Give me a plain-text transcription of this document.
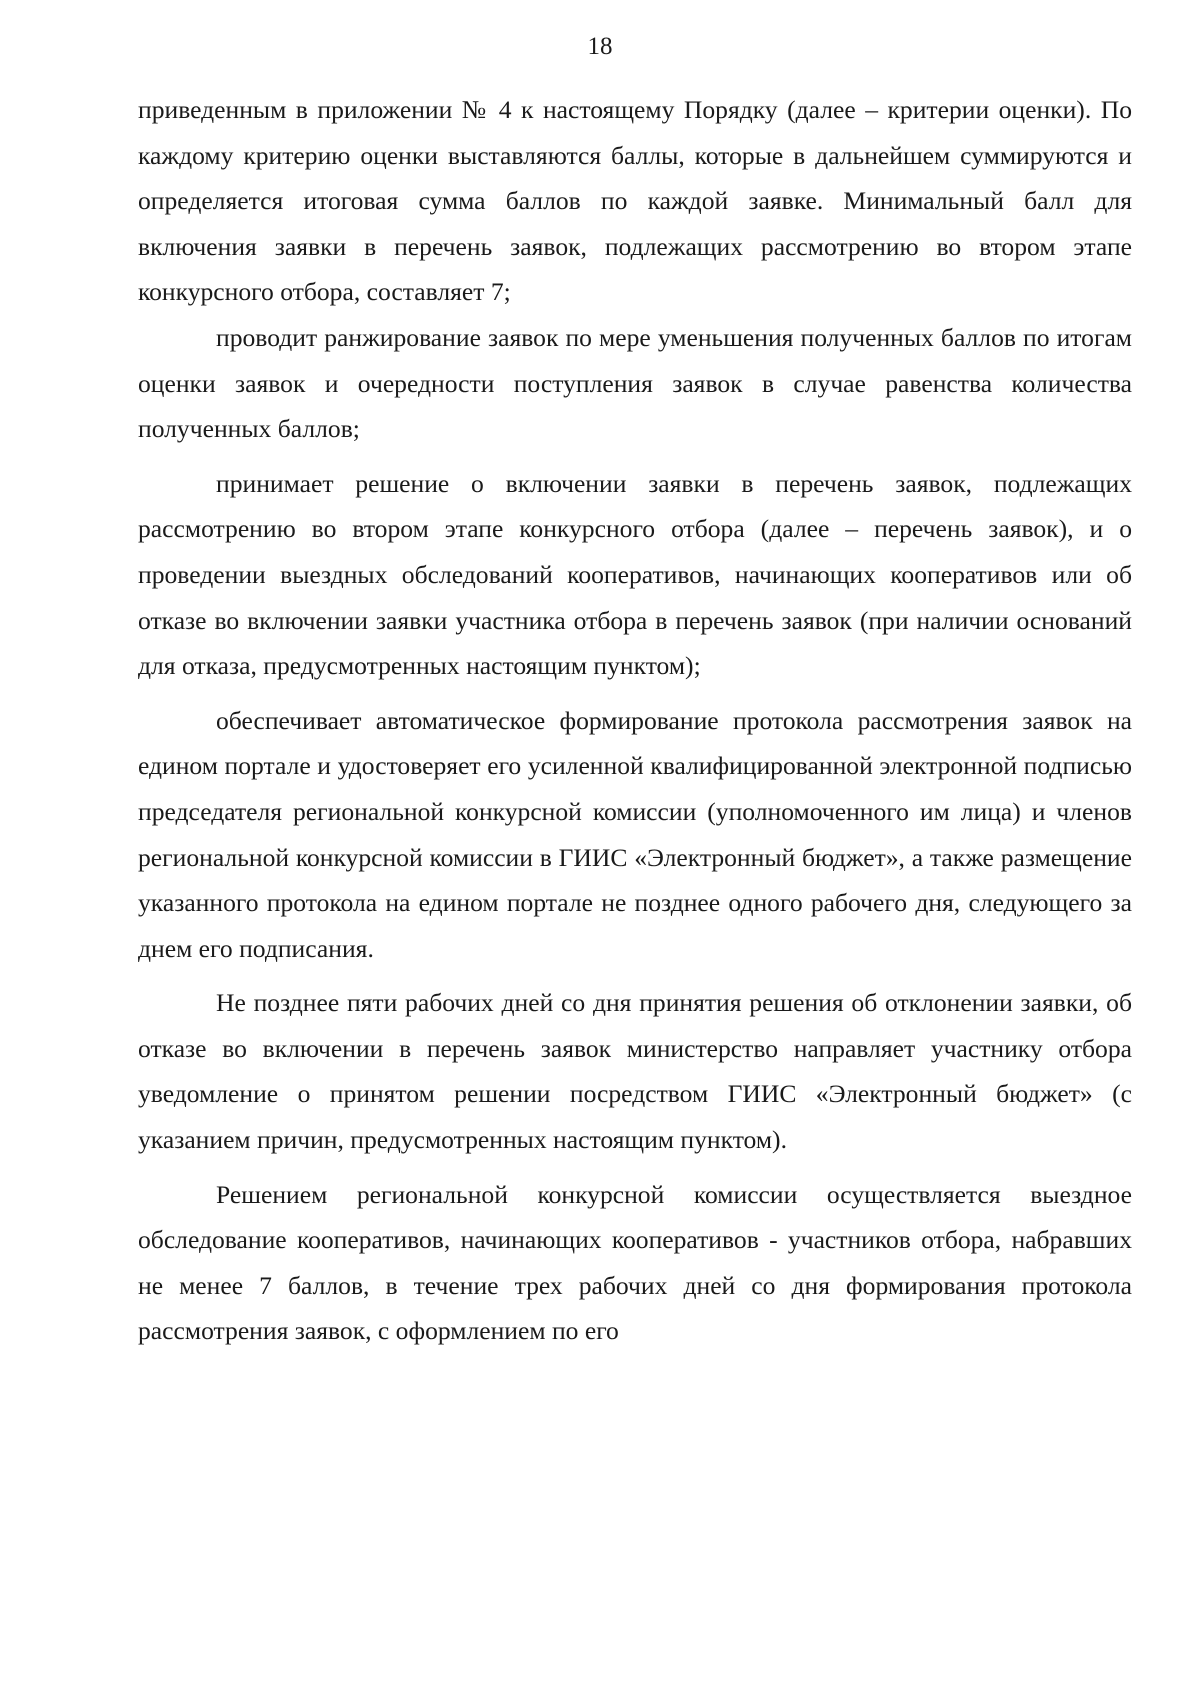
18

приведенным в приложении № 4 к настоящему Порядку (далее – критерии оценки). По каждому критерию оценки выставляются баллы, которые в дальнейшем суммируются и определяется итоговая сумма баллов по каждой заявке. Минимальный балл для включения заявки в перечень заявок, подлежащих рассмотрению во втором этапе конкурсного отбора, составляет 7;

проводит ранжирование заявок по мере уменьшения полученных баллов по итогам оценки заявок и очередности поступления заявок в случае равенства количества полученных баллов;

принимает решение о включении заявки в перечень заявок, подлежащих рассмотрению во втором этапе конкурсного отбора (далее – перечень заявок), и о проведении выездных обследований кооперативов, начинающих кооперативов или об отказе во включении заявки участника отбора в перечень заявок (при наличии оснований для отказа, предусмотренных настоящим пунктом);

обеспечивает автоматическое формирование протокола рассмотрения заявок на едином портале и удостоверяет его усиленной квалифицированной электронной подписью председателя региональной конкурсной комиссии (уполномоченного им лица) и членов региональной конкурсной комиссии в ГИИС «Электронный бюджет», а также размещение указанного протокола на едином портале не позднее одного рабочего дня, следующего за днем его подписания.

Не позднее пяти рабочих дней со дня принятия решения об отклонении заявки, об отказе во включении в перечень заявок министерство направляет участнику отбора уведомление о принятом решении посредством ГИИС «Электронный бюджет» (с указанием причин, предусмотренных настоящим пунктом).

Решением региональной конкурсной комиссии осуществляется выездное обследование кооперативов, начинающих кооперативов - участников отбора, набравших не менее 7 баллов, в течение трех рабочих дней со дня формирования протокола рассмотрения заявок, с оформлением по его
